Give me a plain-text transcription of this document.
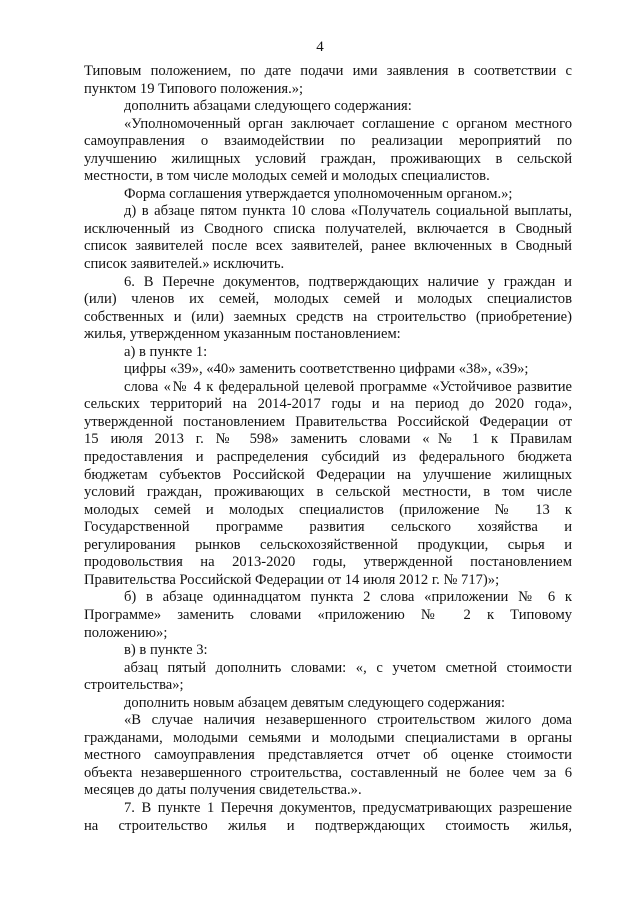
4
Типовым положением, по дате подачи ими заявления в соответствии с
пунктом 19 Типового положения.»;
дополнить абзацами следующего содержания:
«Уполномоченный орган заключает соглашение с органом местного
самоуправления о взаимодействии по реализации мероприятий по
улучшению жилищных условий граждан, проживающих в сельской
местности, в том числе молодых семей и молодых специалистов.
Форма соглашения утверждается уполномоченным органом.»;
д) в абзаце пятом пункта 10 слова «Получатель социальной выплаты,
исключенный из Сводного списка получателей, включается в Сводный
список заявителей после всех заявителей, ранее включенных в Сводный
список заявителей.» исключить.
6. В Перечне документов, подтверждающих наличие у граждан и
(или) членов их семей, молодых семей и молодых специалистов
собственных и (или) заемных средств на строительство (приобретение)
жилья, утвержденном указанным постановлением:
а) в пункте 1:
цифры «39», «40» заменить соответственно цифрами «38», «39»;
слова «№ 4 к федеральной целевой программе «Устойчивое развитие
сельских территорий на 2014-2017 годы и на период до 2020 года»,
утвержденной постановлением Правительства Российской Федерации от
15 июля 2013 г. № 598» заменить словами «№ 1 к Правилам
предоставления и распределения субсидий из федерального бюджета
бюджетам субъектов Российской Федерации на улучшение жилищных
условий граждан, проживающих в сельской местности, в том числе
молодых семей и молодых специалистов (приложение № 13 к
Государственной программе развития сельского хозяйства и
регулирования рынков сельскохозяйственной продукции, сырья и
продовольствия на 2013-2020 годы, утвержденной постановлением
Правительства Российской Федерации от 14 июля 2012 г. № 717)»;
б) в абзаце одиннадцатом пункта 2 слова «приложении № 6 к
Программе» заменить словами «приложению № 2 к Типовому
положению»;
в) в пункте 3:
абзац пятый дополнить словами: «, с учетом сметной стоимости
строительства»;
дополнить новым абзацем девятым следующего содержания:
«В случае наличия незавершенного строительством жилого дома
гражданами, молодыми семьями и молодыми специалистами в органы
местного самоуправления представляется отчет об оценке стоимости
объекта незавершенного строительства, составленный не более чем за 6
месяцев до даты получения свидетельства.».
7. В пункте 1 Перечня документов, предусматривающих разрешение
на строительство жилья и подтверждающих стоимость жилья,
